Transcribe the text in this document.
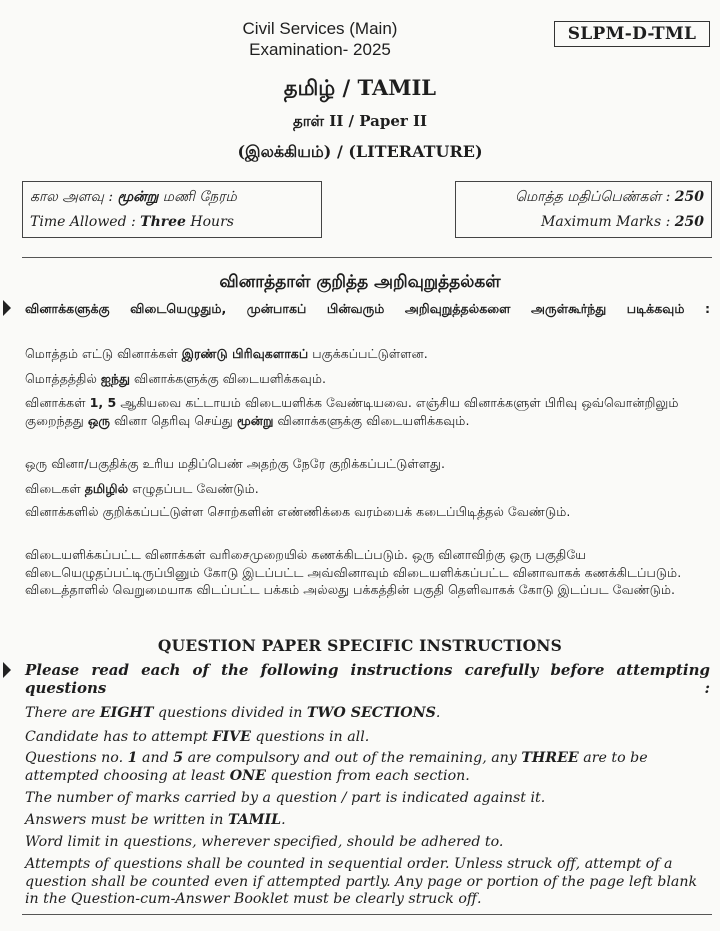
Civil Services (Main)
Examination- 2025
SLPM-D-TML
தமிழ் / TAMIL
தாள் II / Paper II
(இலக்கியம்) / (LITERATURE)
கால அளவு : மூன்று மணி நேரம்
Time Allowed : Three Hours
மொத்த மதிப்பெண்கள் : 250
Maximum Marks : 250
வினாத்தாள் குறித்த அறிவுறுத்தல்கள்
வினாக்களுக்கு விடையெழுதும், முன்பாகப் பின்வரும் அறிவுறுத்தல்களை அருள்கூர்ந்து படிக்கவும் :
மொத்தம் எட்டு வினாக்கள் இரண்டு பிரிவுகளாகப் பகுக்கப்பட்டுள்ளன.
மொத்தத்தில் ஐந்து வினாக்களுக்கு விடையளிக்கவும்.
வினாக்கள் 1, 5 ஆகியவை கட்டாயம் விடையளிக்க வேண்டியவை. எஞ்சிய வினாக்களுள் பிரிவு ஒவ்வொன்றிலும் குறைந்தது ஒரு வினா தெரிவு செய்து மூன்று வினாக்களுக்கு விடையளிக்கவும்.
ஒரு வினா/பகுதிக்கு உரிய மதிப்பெண் அதற்கு நேரே குறிக்கப்பட்டுள்ளது.
விடைகள் தமிழில் எழுதப்பட வேண்டும்.
வினாக்களில் குறிக்கப்பட்டுள்ள சொற்களின் எண்ணிக்கை வரம்பைக் கடைப்பிடித்தல் வேண்டும்.
விடையளிக்கப்பட்ட வினாக்கள் வரிசைமுறையில் கணக்கிடப்படும். ஒரு வினாவிற்கு ஒரு பகுதியே விடையெழுதப்பட்டிருப்பினும் கோடு இடப்பட்ட அவ்வினாவும் விடையளிக்கப்பட்ட வினாவாகக் கணக்கிடப்படும். விடைத்தாளில் வெறுமையாக விடப்பட்ட பக்கம் அல்லது பக்கத்தின் பகுதி தெளிவாகக் கோடு இடப்பட வேண்டும்.
QUESTION PAPER SPECIFIC INSTRUCTIONS
Please read each of the following instructions carefully before attempting questions :
There are EIGHT questions divided in TWO SECTIONS.
Candidate has to attempt FIVE questions in all.
Questions no. 1 and 5 are compulsory and out of the remaining, any THREE are to be attempted choosing at least ONE question from each section.
The number of marks carried by a question / part is indicated against it.
Answers must be written in TAMIL.
Word limit in questions, wherever specified, should be adhered to.
Attempts of questions shall be counted in sequential order. Unless struck off, attempt of a question shall be counted even if attempted partly. Any page or portion of the page left blank in the Question-cum-Answer Booklet must be clearly struck off.
